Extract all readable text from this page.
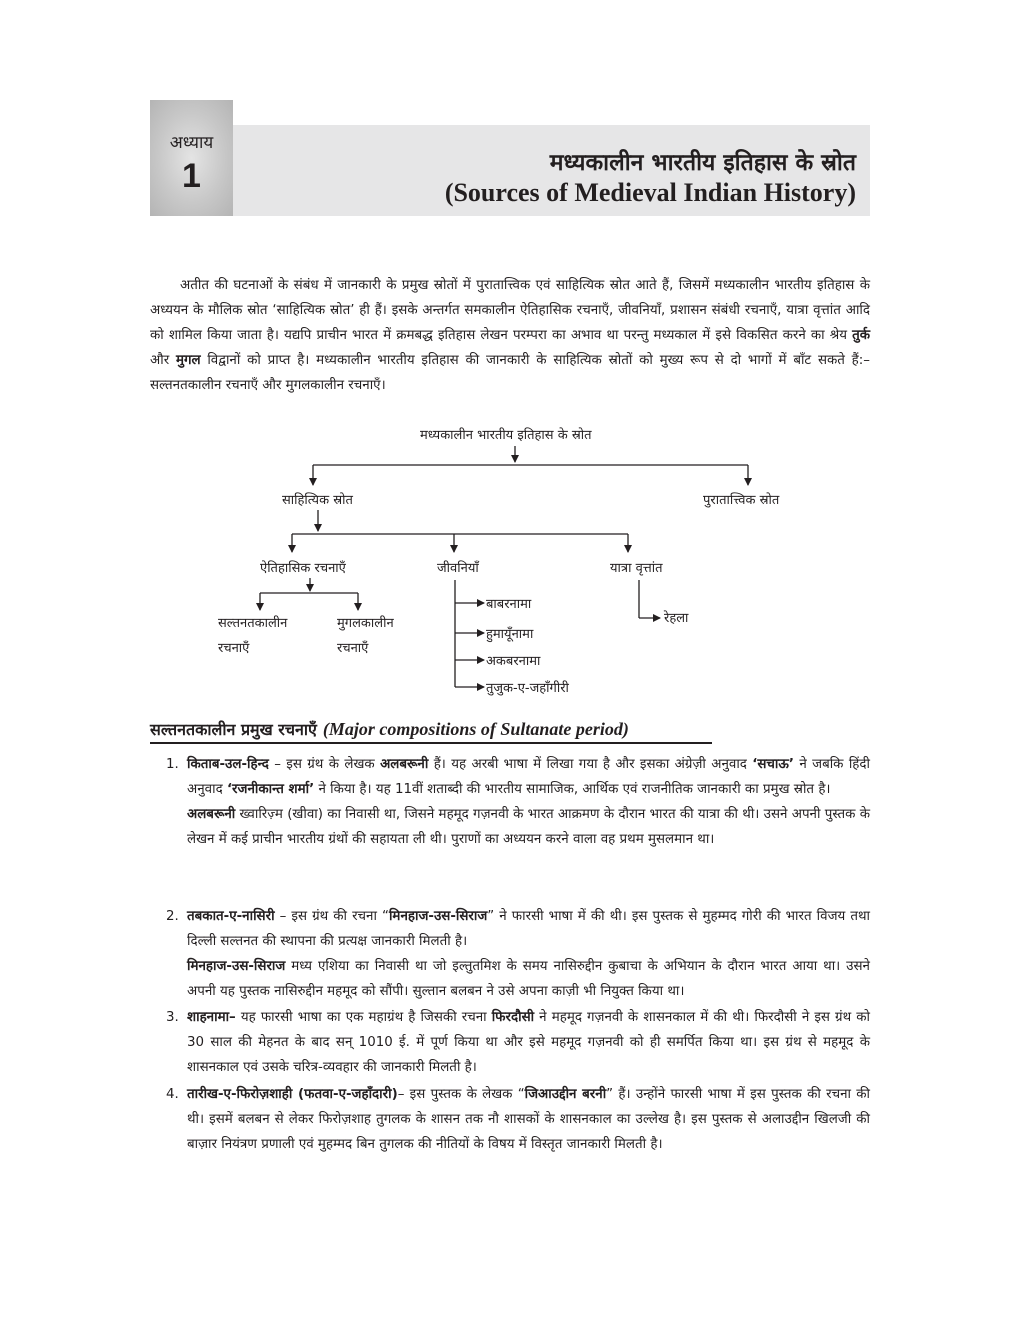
अध्याय
1	मध्यकालीन भारतीय इतिहास के स्रोत
(Sources of Medieval Indian History)
अतीत की घटनाओं के संबंध में जानकारी के प्रमुख स्रोतों में पुरातात्त्विक एवं साहित्यिक स्रोत आते हैं, जिसमें मध्यकालीन भारतीय इतिहास के अध्ययन के मौलिक स्रोत ‘साहित्यिक स्रोत’ ही हैं। इसके अन्तर्गत समकालीन ऐतिहासिक रचनाएँ, जीवनियाँ, प्रशासन संबंधी रचनाएँ, यात्रा वृत्तांत आदि को शामिल किया जाता है। यद्यपि प्राचीन भारत में क्रमबद्ध इतिहास लेखन परम्परा का अभाव था परन्तु मध्यकाल में इसे विकसित करने का श्रेय तुर्क और मुगल विद्वानों को प्राप्त है। मध्यकालीन भारतीय इतिहास की जानकारी के साहित्यिक स्रोतों को मुख्य रूप से दो भागों में बाँट सकते हैं:– सल्तनतकालीन रचनाएँ और मुगलकालीन रचनाएँ।
मध्यकालीन भारतीय इतिहास के स्रोत
साहित्यिक स्रोत	पुरातात्त्विक स्रोत
ऐतिहासिक रचनाएँ	जीवनियाँ	यात्रा वृत्तांत
सल्तनतकालीन
रचनाएँ
मुगलकालीन
रचनाएँ
बाबरनामा
हुमायूँनामा
अकबरनामा
तुजुक-ए-जहाँगीरी
रेहला
सल्तनतकालीन प्रमुख रचनाएँ (Major compositions of Sultanate period)
1. किताब-उल-हिन्द – इस ग्रंथ के लेखक अलबरूनी हैं। यह अरबी भाषा में लिखा गया है और इसका अंग्रेज़ी अनुवाद ‘सचाऊ’ ने जबकि हिंदी अनुवाद ‘रजनीकान्त शर्मा’ ने किया है। यह 11वीं शताब्दी की भारतीय सामाजिक, आर्थिक एवं राजनीतिक जानकारी का प्रमुख स्रोत है।
अलबरूनी ख्वारिज़्म (खीवा) का निवासी था, जिसने महमूद गज़नवी के भारत आक्रमण के दौरान भारत की यात्रा की थी। उसने अपनी पुस्तक के लेखन में कई प्राचीन भारतीय ग्रंथों की सहायता ली थी। पुराणों का अध्ययन करने वाला वह प्रथम मुसलमान था।
2. तबकात-ए-नासिरी – इस ग्रंथ की रचना “मिनहाज-उस-सिराज” ने फारसी भाषा में की थी। इस पुस्तक से मुहम्मद गोरी की भारत विजय तथा दिल्ली सल्तनत की स्थापना की प्रत्यक्ष जानकारी मिलती है।
मिनहाज-उस-सिराज मध्य एशिया का निवासी था जो इल्तुतमिश के समय नासिरुद्दीन कुबाचा के अभियान के दौरान भारत आया था। उसने अपनी यह पुस्तक नासिरुद्दीन महमूद को सौंपी। सुल्तान बलबन ने उसे अपना काज़ी भी नियुक्त किया था।
3. शाहनामा– यह फारसी भाषा का एक महाग्रंथ है जिसकी रचना फिरदौसी ने महमूद गज़नवी के शासनकाल में की थी। फिरदौसी ने इस ग्रंथ को 30 साल की मेहनत के बाद सन् 1010 ई. में पूर्ण किया था और इसे महमूद गज़नवी को ही समर्पित किया था। इस ग्रंथ से महमूद के शासनकाल एवं उसके चरित्र-व्यवहार की जानकारी मिलती है।
4. तारीख-ए-फिरोज़शाही (फतवा-ए-जहाँदारी)– इस पुस्तक के लेखक “जिआउद्दीन बरनी” हैं। उन्होंने फारसी भाषा में इस पुस्तक की रचना की थी। इसमें बलबन से लेकर फिरोज़शाह तुगलक के शासन तक नौ शासकों के शासनकाल का उल्लेख है। इस पुस्तक से अलाउद्दीन खिलजी की बाज़ार नियंत्रण प्रणाली एवं मुहम्मद बिन तुगलक की नीतियों के विषय में विस्तृत जानकारी मिलती है।
